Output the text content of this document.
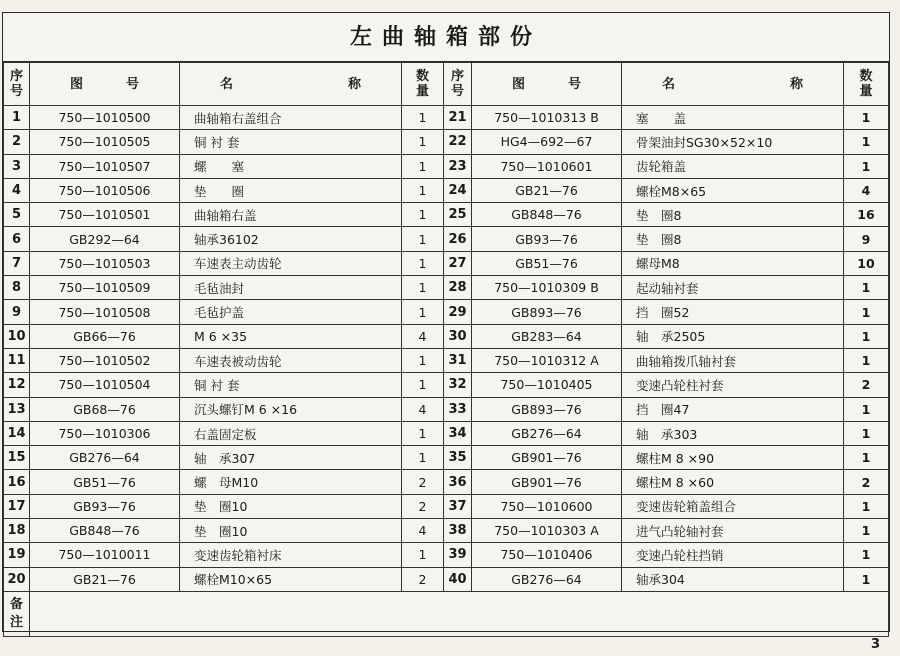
左曲轴箱部份
序号	图 号	名 称	数量	序号	图 号	名 称	数量
1	750—1010500	曲轴箱右盖组合	1	21	750—1010313 B	塞　　盖	1
2	750—1010505	铜 衬 套	1	22	HG4—692—67	骨架油封SG30×52×10	1
3	750—1010507	螺　　塞	1	23	750—1010601	齿轮箱盖	1
4	750—1010506	垫　　圈	1	24	GB21—76	螺栓M8×65	4
5	750—1010501	曲轴箱右盖	1	25	GB848—76	垫　圈8	16
6	GB292—64	轴承36102	1	26	GB93—76	垫　圈8	9
7	750—1010503	车速表主动齿轮	1	27	GB51—76	螺母M8	10
8	750—1010509	毛毡油封	1	28	750—1010309 B	起动轴衬套	1
9	750—1010508	毛毡护盖	1	29	GB893—76	挡　圈52	1
10	GB66—76	M 6 ×35	4	30	GB283—64	轴　承2505	1
11	750—1010502	车速表被动齿轮	1	31	750—1010312 A	曲轴箱拨爪轴衬套	1
12	750—1010504	铜 衬 套	1	32	750—1010405	变速凸轮柱衬套	2
13	GB68—76	沉头螺钉M 6 ×16	4	33	GB893—76	挡　圈47	1
14	750—1010306	右盖固定板	1	34	GB276—64	轴　承303	1
15	GB276—64	轴　承307	1	35	GB901—76	螺柱M 8 ×90	1
16	GB51—76	螺　母M10	2	36	GB901—76	螺柱M 8 ×60	2
17	GB93—76	垫　圈10	2	37	750—1010600	变速齿轮箱盖组合	1
18	GB848—76	垫　圈10	4	38	750—1010303 A	进气凸轮轴衬套	1
19	750—1010011	变速齿轮箱衬床	1	39	750—1010406	变速凸轮柱挡销	1
20	GB21—76	螺栓M10×65	2	40	GB276—64	轴承304	1
备注							
3
